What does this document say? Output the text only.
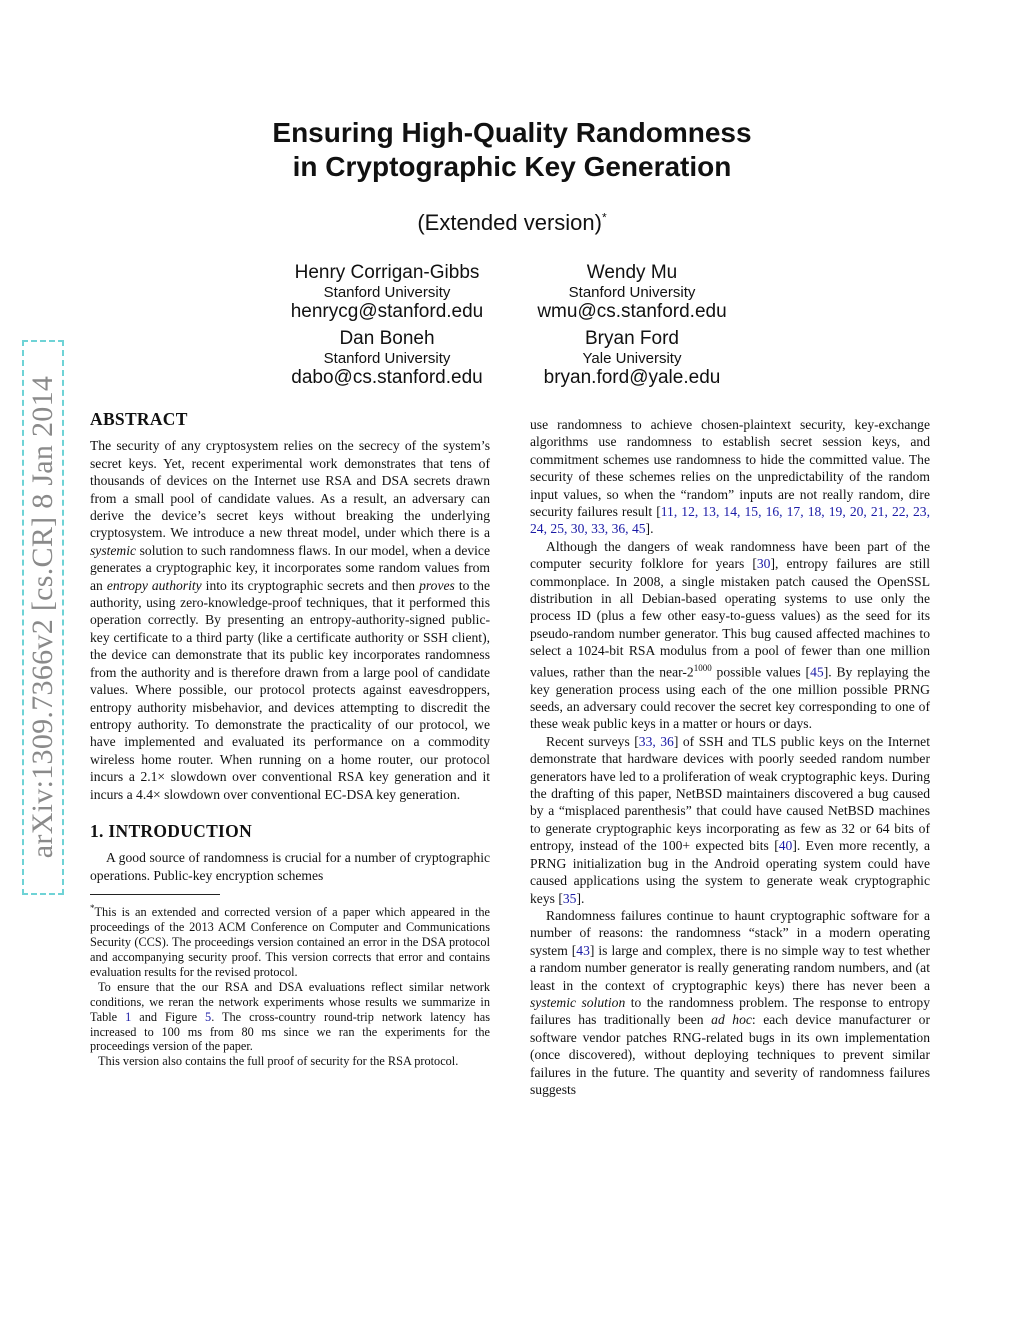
Ensuring High-Quality Randomness
in Cryptographic Key Generation
(Extended version)*
Henry Corrigan-Gibbs
Stanford University
henrycg@stanford.edu
Wendy Mu
Stanford University
wmu@cs.stanford.edu
Dan Boneh
Stanford University
dabo@cs.stanford.edu
Bryan Ford
Yale University
bryan.ford@yale.edu
arXiv:1309.7366v2 [cs.CR] 8 Jan 2014 ABSTRACT

The security of any cryptosystem relies on the secrecy of the system’s secret keys. Yet, recent experimental work demonstrates that tens of thousands of devices on the Internet use RSA and DSA secrets drawn from a small pool of candidate values. As a result, an adversary can derive the device’s secret keys without breaking the underlying cryptosystem. We introduce a new threat model, under which there is a systemic solution to such randomness flaws. In our model, when a device generates a cryptographic key, it incorporates some random values from an entropy authority into its cryptographic secrets and then proves to the authority, using zero-knowledge-proof techniques, that it performed this operation correctly. By presenting an entropy-authority-signed public-key certificate to a third party (like a certificate authority or SSH client), the device can demonstrate that its public key incorporates randomness from the authority and is therefore drawn from a large pool of candidate values. Where possible, our protocol protects against eavesdroppers, entropy authority misbehavior, and devices attempting to discredit the entropy authority. To demonstrate the practicality of our protocol, we have implemented and evaluated its performance on a commodity wireless home router. When running on a home router, our protocol incurs a 2.1× slowdown over conventional RSA key generation and it incurs a 4.4× slowdown over conventional EC-DSA key generation.

1. INTRODUCTION

A good source of randomness is crucial for a number of cryptographic operations. Public-key encryption schemes

*This is an extended and corrected version of a paper which appeared in the proceedings of the 2013 ACM Conference on Computer and Communications Security (CCS). The proceedings version contained an error in the DSA protocol and accompanying security proof. This version corrects that error and contains evaluation results for the revised protocol.

To ensure that the our RSA and DSA evaluations reflect similar network conditions, we reran the network experiments whose results we summarize in Table 1 and Figure 5. The cross-country round-trip network latency has increased to 100 ms from 80 ms since we ran the experiments for the proceedings version of the paper.

This version also contains the full proof of security for the RSA protocol.

use randomness to achieve chosen-plaintext security, key-exchange algorithms use randomness to establish secret session keys, and commitment schemes use randomness to hide the committed value. The security of these schemes relies on the unpredictability of the random input values, so when the “random” inputs are not really random, dire security failures result [11, 12, 13, 14, 15, 16, 17, 18, 19, 20, 21, 22, 23, 24, 25, 30, 33, 36, 45].

Although the dangers of weak randomness have been part of the computer security folklore for years [30], entropy failures are still commonplace. In 2008, a single mistaken patch caused the OpenSSL distribution in all Debian-based operating systems to use only the process ID (plus a few other easy-to-guess values) as the seed for its pseudo-random number generator. This bug caused affected machines to select a 1024-bit RSA modulus from a pool of fewer than one million values, rather than the near-$2^{1000}$ possible values [45]. By replaying the key generation process using each of the one million possible PRNG seeds, an adversary could recover the secret key corresponding to one of these weak public keys in a matter or hours or days.

Recent surveys [33, 36] of SSH and TLS public keys on the Internet demonstrate that hardware devices with poorly seeded random number generators have led to a proliferation of weak cryptographic keys. During the drafting of this paper, NetBSD maintainers discovered a bug caused by a “misplaced parenthesis” that could have caused NetBSD machines to generate cryptographic keys incorporating as few as 32 or 64 bits of entropy, instead of the 100+ expected bits [40]. Even more recently, a PRNG initialization bug in the Android operating system could have caused applications using the system to generate weak cryptographic keys [35].

Randomness failures continue to haunt cryptographic software for a number of reasons: the randomness “stack” in a modern operating system [43] is large and complex, there is no simple way to test whether a random number generator is really generating random numbers, and (at least in the context of cryptographic keys) there has never been a systemic solution to the randomness problem. The response to entropy failures has traditionally been ad hoc: each device manufacturer or software vendor patches RNG-related bugs in its own implementation (once discovered), without deploying techniques to prevent similar failures in the future. The quantity and severity of randomness failures suggests
